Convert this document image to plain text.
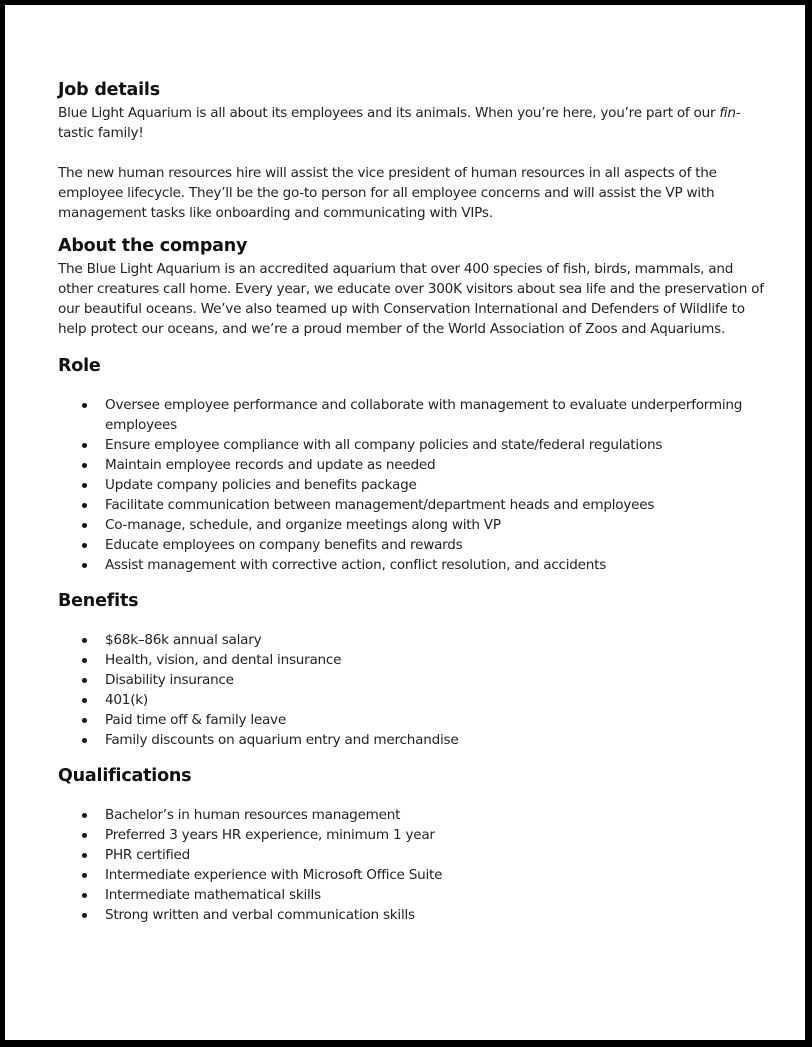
Job details

Blue Light Aquarium is all about its employees and its animals. When you’re here, you’re part of our fin-tastic family!

The new human resources hire will assist the vice president of human resources in all aspects of the employee lifecycle. They’ll be the go-to person for all employee concerns and will assist the VP with management tasks like onboarding and communicating with VIPs.

About the company

The Blue Light Aquarium is an accredited aquarium that over 400 species of fish, birds, mammals, and other creatures call home. Every year, we educate over 300K visitors about sea life and the preservation of our beautiful oceans. We’ve also teamed up with Conservation International and Defenders of Wildlife to help protect our oceans, and we’re a proud member of the World Association of Zoos and Aquariums.

Role
Oversee employee performance and collaborate with management to evaluate underperforming employees
Ensure employee compliance with all company policies and state/federal regulations
Maintain employee records and update as needed
Update company policies and benefits package
Facilitate communication between management/department heads and employees
Co-manage, schedule, and organize meetings along with VP
Educate employees on company benefits and rewards
Assist management with corrective action, conflict resolution, and accidents
Benefits
$68k–86k annual salary
Health, vision, and dental insurance
Disability insurance
401(k)
Paid time off & family leave
Family discounts on aquarium entry and merchandise
Qualifications
Bachelor’s in human resources management
Preferred 3 years HR experience, minimum 1 year
PHR certified
Intermediate experience with Microsoft Office Suite
Intermediate mathematical skills
Strong written and verbal communication skills
